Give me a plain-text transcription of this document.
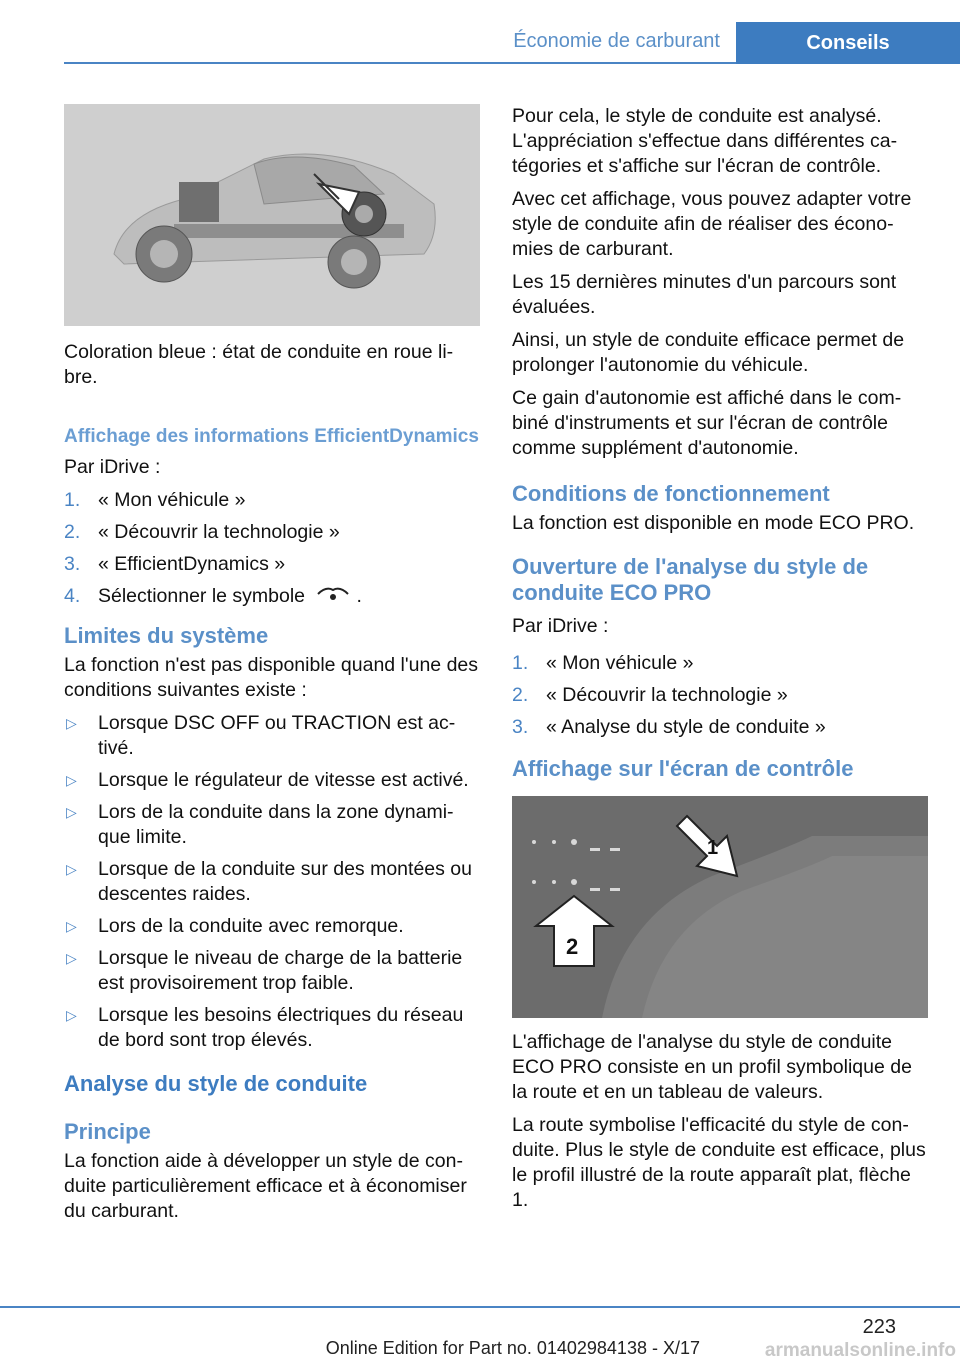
Économie de carburant	Conseils

Coloration bleue : état de conduite en roue li-bre.

Affichage des informations EfficientDynamics

Par iDrive :

1. « Mon véhicule »
2. « Découvrir la technologie »
3. « EfficientDynamics »
4. Sélectionner le symbole	.
Limites du système

La fonction n'est pas disponible quand l'une des conditions suivantes existe :

▷ Lorsque DSC OFF ou TRACTION est ac-tivé.
▷ Lorsque le régulateur de vitesse est activé.
▷ Lors de la conduite dans la zone dynami-que limite.
▷ Lorsque de la conduite sur des montées ou descentes raides.
▷ Lors de la conduite avec remorque.
▷ Lorsque le niveau de charge de la batterie est provisoirement trop faible.
▷ Lorsque les besoins électriques du réseau de bord sont trop élevés.
Analyse du style de conduite
Principe

La fonction aide à développer un style de con-duite particulièrement efficace et à économiser du carburant.

Pour cela, le style de conduite est analysé. L'appréciation s'effectue dans différentes ca-tégories et s'affiche sur l'écran de contrôle.

Avec cet affichage, vous pouvez adapter votre style de conduite afin de réaliser des écono-mies de carburant.

Les 15 dernières minutes d'un parcours sont évaluées.

Ainsi, un style de conduite efficace permet de prolonger l'autonomie du véhicule.

Ce gain d'autonomie est affiché dans le com-biné d'instruments et sur l'écran de contrôle comme supplément d'autonomie.

Conditions de fonctionnement

La fonction est disponible en mode ECO PRO.

Ouverture de l'analyse du style de conduite ECO PRO

Par iDrive :

1. « Mon véhicule »
2. « Découvrir la technologie »
3. « Analyse du style de conduite »
Affichage sur l'écran de contrôle
1
2

L'affichage de l'analyse du style de conduite ECO PRO consiste en un profil symbolique de la route et en un tableau de valeurs.

La route symbolise l'efficacité du style de con-duite. Plus le style de conduite est efficace, plus le profil illustré de la route apparaît plat, flèche 1.

223
Online Edition for Part no. 01402984138 - X/17	armanualsonline.info
